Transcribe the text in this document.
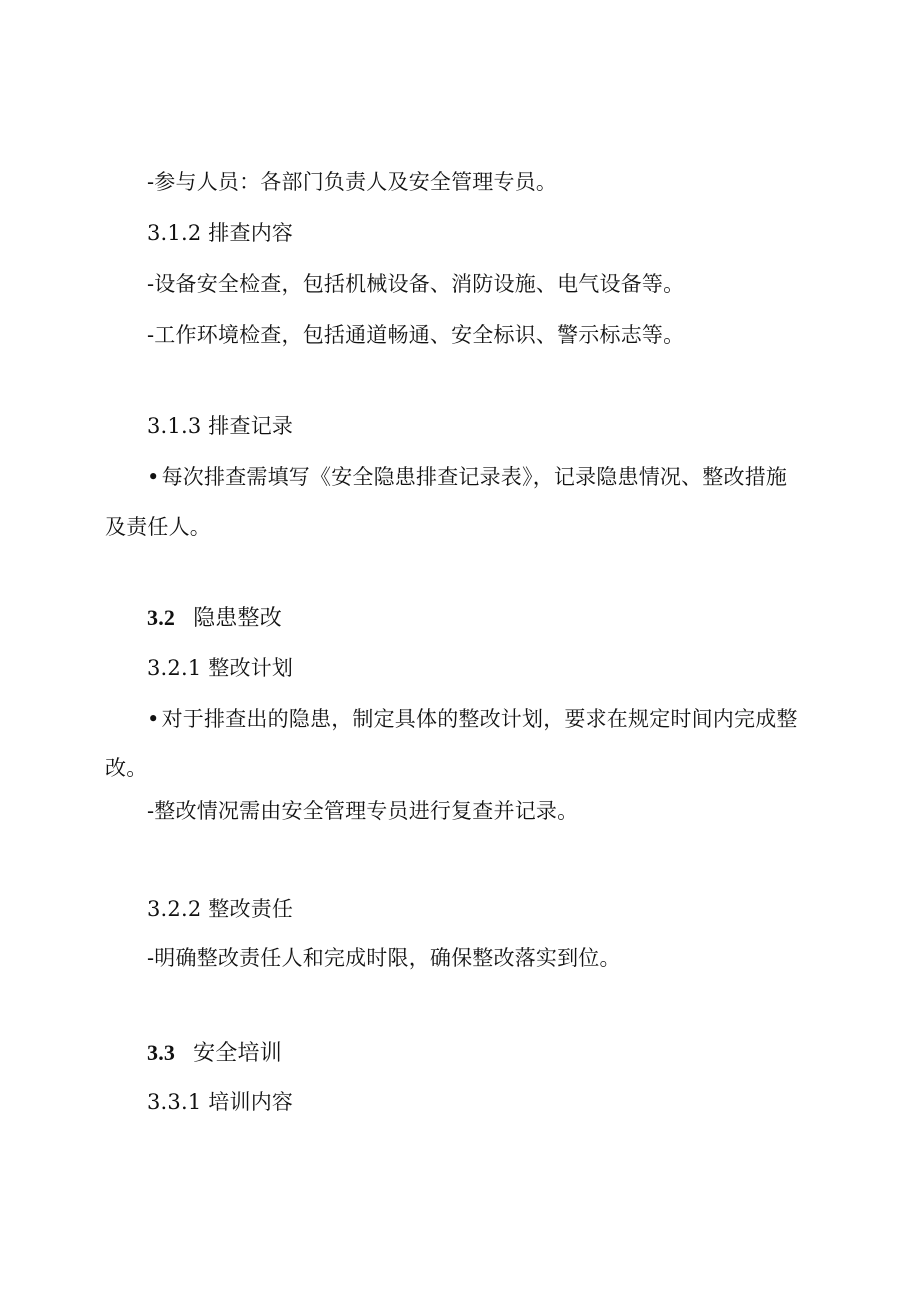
-参与人员：各部门负责人及安全管理专员。
3.1.2 排查内容
-设备安全检查，包括机械设备、消防设施、电气设备等。
-工作环境检查，包括通道畅通、安全标识、警示标志等。
3.1.3 排查记录
•每次排查需填写《安全隐患排查记录表》，记录隐患情况、整改措施
及责任人。
3.2 隐患整改
3.2.1 整改计划
•对于排查出的隐患，制定具体的整改计划，要求在规定时间内完成整
改。
-整改情况需由安全管理专员进行复查并记录。
3.2.2 整改责任
-明确整改责任人和完成时限，确保整改落实到位。
3.3 安全培训
3.3.1 培训内容
